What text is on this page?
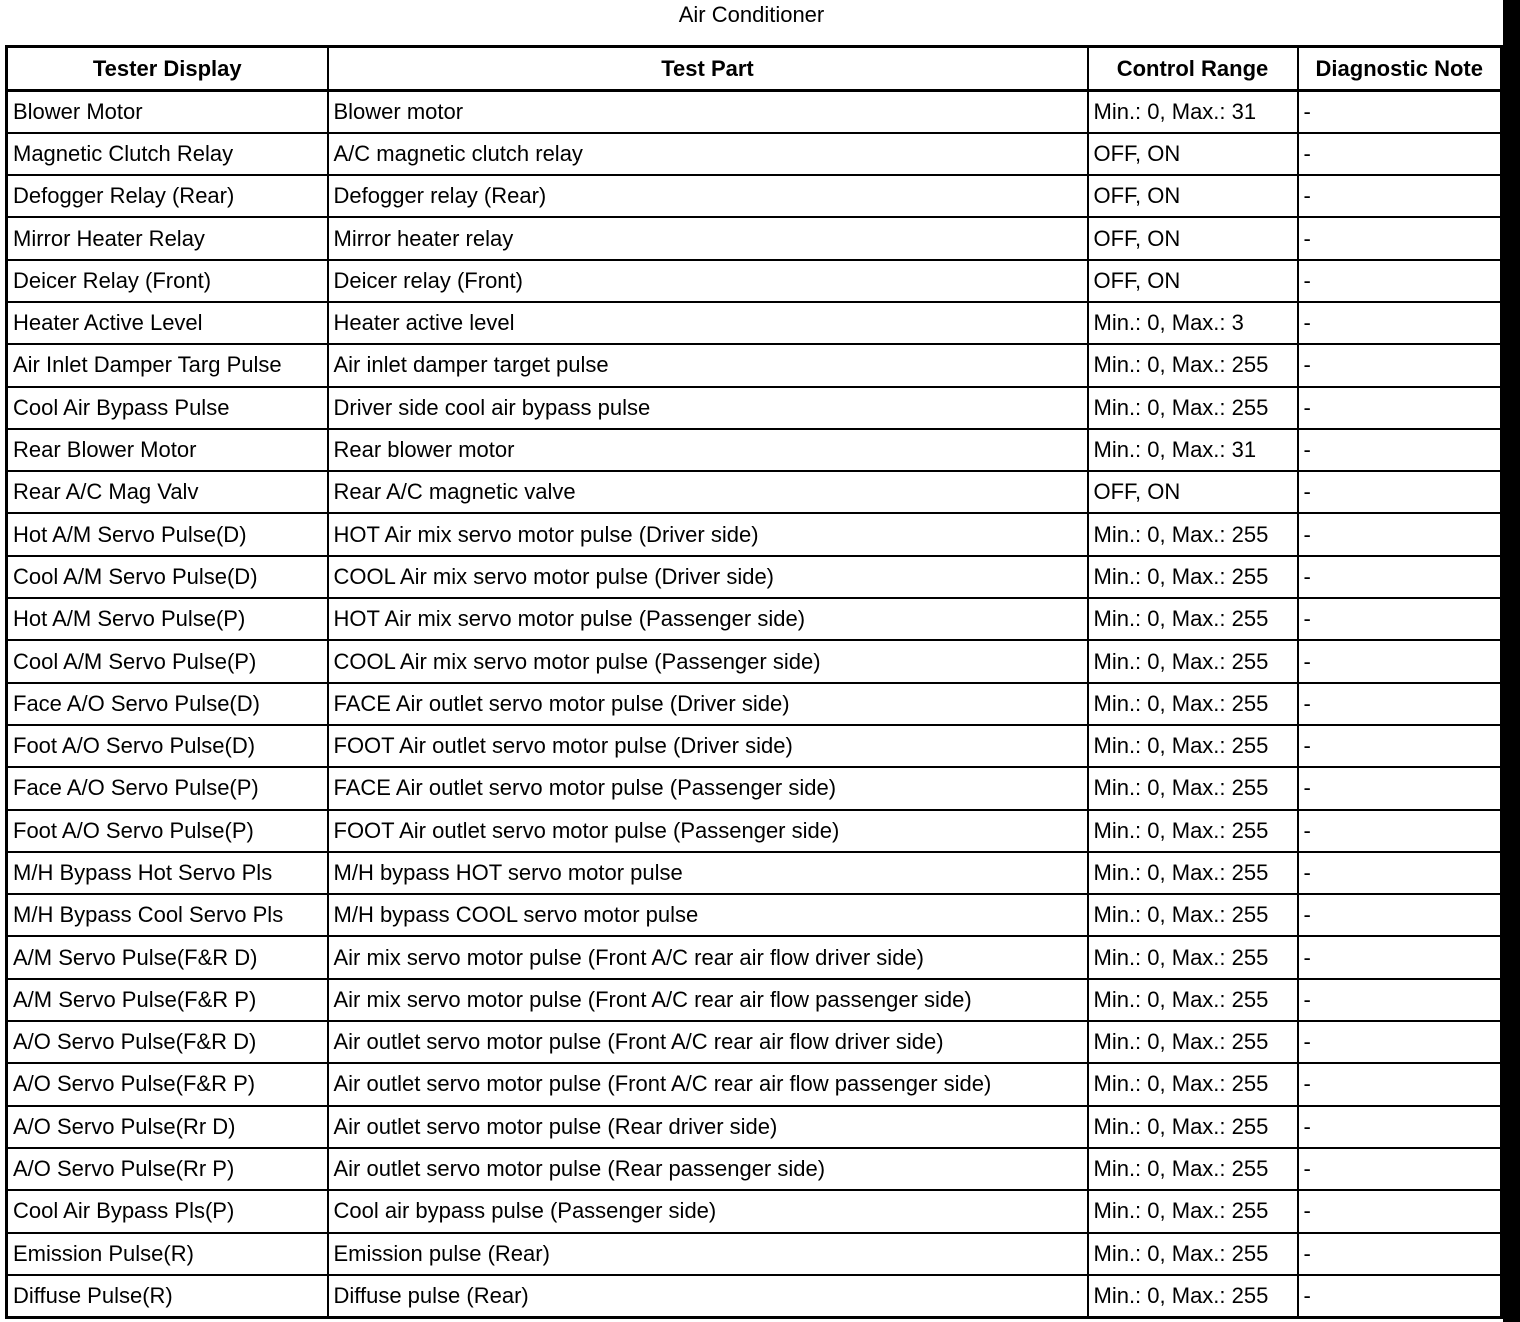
Air Conditioner
Tester Display	Test Part	Control Range	Diagnostic Note
Blower Motor	Blower motor	Min.: 0, Max.: 31	-
Magnetic Clutch Relay	A/C magnetic clutch relay	OFF, ON	-
Defogger Relay (Rear)	Defogger relay (Rear)	OFF, ON	-
Mirror Heater Relay	Mirror heater relay	OFF, ON	-
Deicer Relay (Front)	Deicer relay (Front)	OFF, ON	-
Heater Active Level	Heater active level	Min.: 0, Max.: 3	-
Air Inlet Damper Targ Pulse	Air inlet damper target pulse	Min.: 0, Max.: 255	-
Cool Air Bypass Pulse	Driver side cool air bypass pulse	Min.: 0, Max.: 255	-
Rear Blower Motor	Rear blower motor	Min.: 0, Max.: 31	-
Rear A/C Mag Valv	Rear A/C magnetic valve	OFF, ON	-
Hot A/M Servo Pulse(D)	HOT Air mix servo motor pulse (Driver side)	Min.: 0, Max.: 255	-
Cool A/M Servo Pulse(D)	COOL Air mix servo motor pulse (Driver side)	Min.: 0, Max.: 255	-
Hot A/M Servo Pulse(P)	HOT Air mix servo motor pulse (Passenger side)	Min.: 0, Max.: 255	-
Cool A/M Servo Pulse(P)	COOL Air mix servo motor pulse (Passenger side)	Min.: 0, Max.: 255	-
Face A/O Servo Pulse(D)	FACE Air outlet servo motor pulse (Driver side)	Min.: 0, Max.: 255	-
Foot A/O Servo Pulse(D)	FOOT Air outlet servo motor pulse (Driver side)	Min.: 0, Max.: 255	-
Face A/O Servo Pulse(P)	FACE Air outlet servo motor pulse (Passenger side)	Min.: 0, Max.: 255	-
Foot A/O Servo Pulse(P)	FOOT Air outlet servo motor pulse (Passenger side)	Min.: 0, Max.: 255	-
M/H Bypass Hot Servo Pls	M/H bypass HOT servo motor pulse	Min.: 0, Max.: 255	-
M/H Bypass Cool Servo Pls	M/H bypass COOL servo motor pulse	Min.: 0, Max.: 255	-
A/M Servo Pulse(F&R D)	Air mix servo motor pulse (Front A/C rear air flow driver side)	Min.: 0, Max.: 255	-
A/M Servo Pulse(F&R P)	Air mix servo motor pulse (Front A/C rear air flow passenger side)	Min.: 0, Max.: 255	-
A/O Servo Pulse(F&R D)	Air outlet servo motor pulse (Front A/C rear air flow driver side)	Min.: 0, Max.: 255	-
A/O Servo Pulse(F&R P)	Air outlet servo motor pulse (Front A/C rear air flow passenger side)	Min.: 0, Max.: 255	-
A/O Servo Pulse(Rr D)	Air outlet servo motor pulse (Rear driver side)	Min.: 0, Max.: 255	-
A/O Servo Pulse(Rr P)	Air outlet servo motor pulse (Rear passenger side)	Min.: 0, Max.: 255	-
Cool Air Bypass Pls(P)	Cool air bypass pulse (Passenger side)	Min.: 0, Max.: 255	-
Emission Pulse(R)	Emission pulse (Rear)	Min.: 0, Max.: 255	-
Diffuse Pulse(R)	Diffuse pulse (Rear)	Min.: 0, Max.: 255	-
